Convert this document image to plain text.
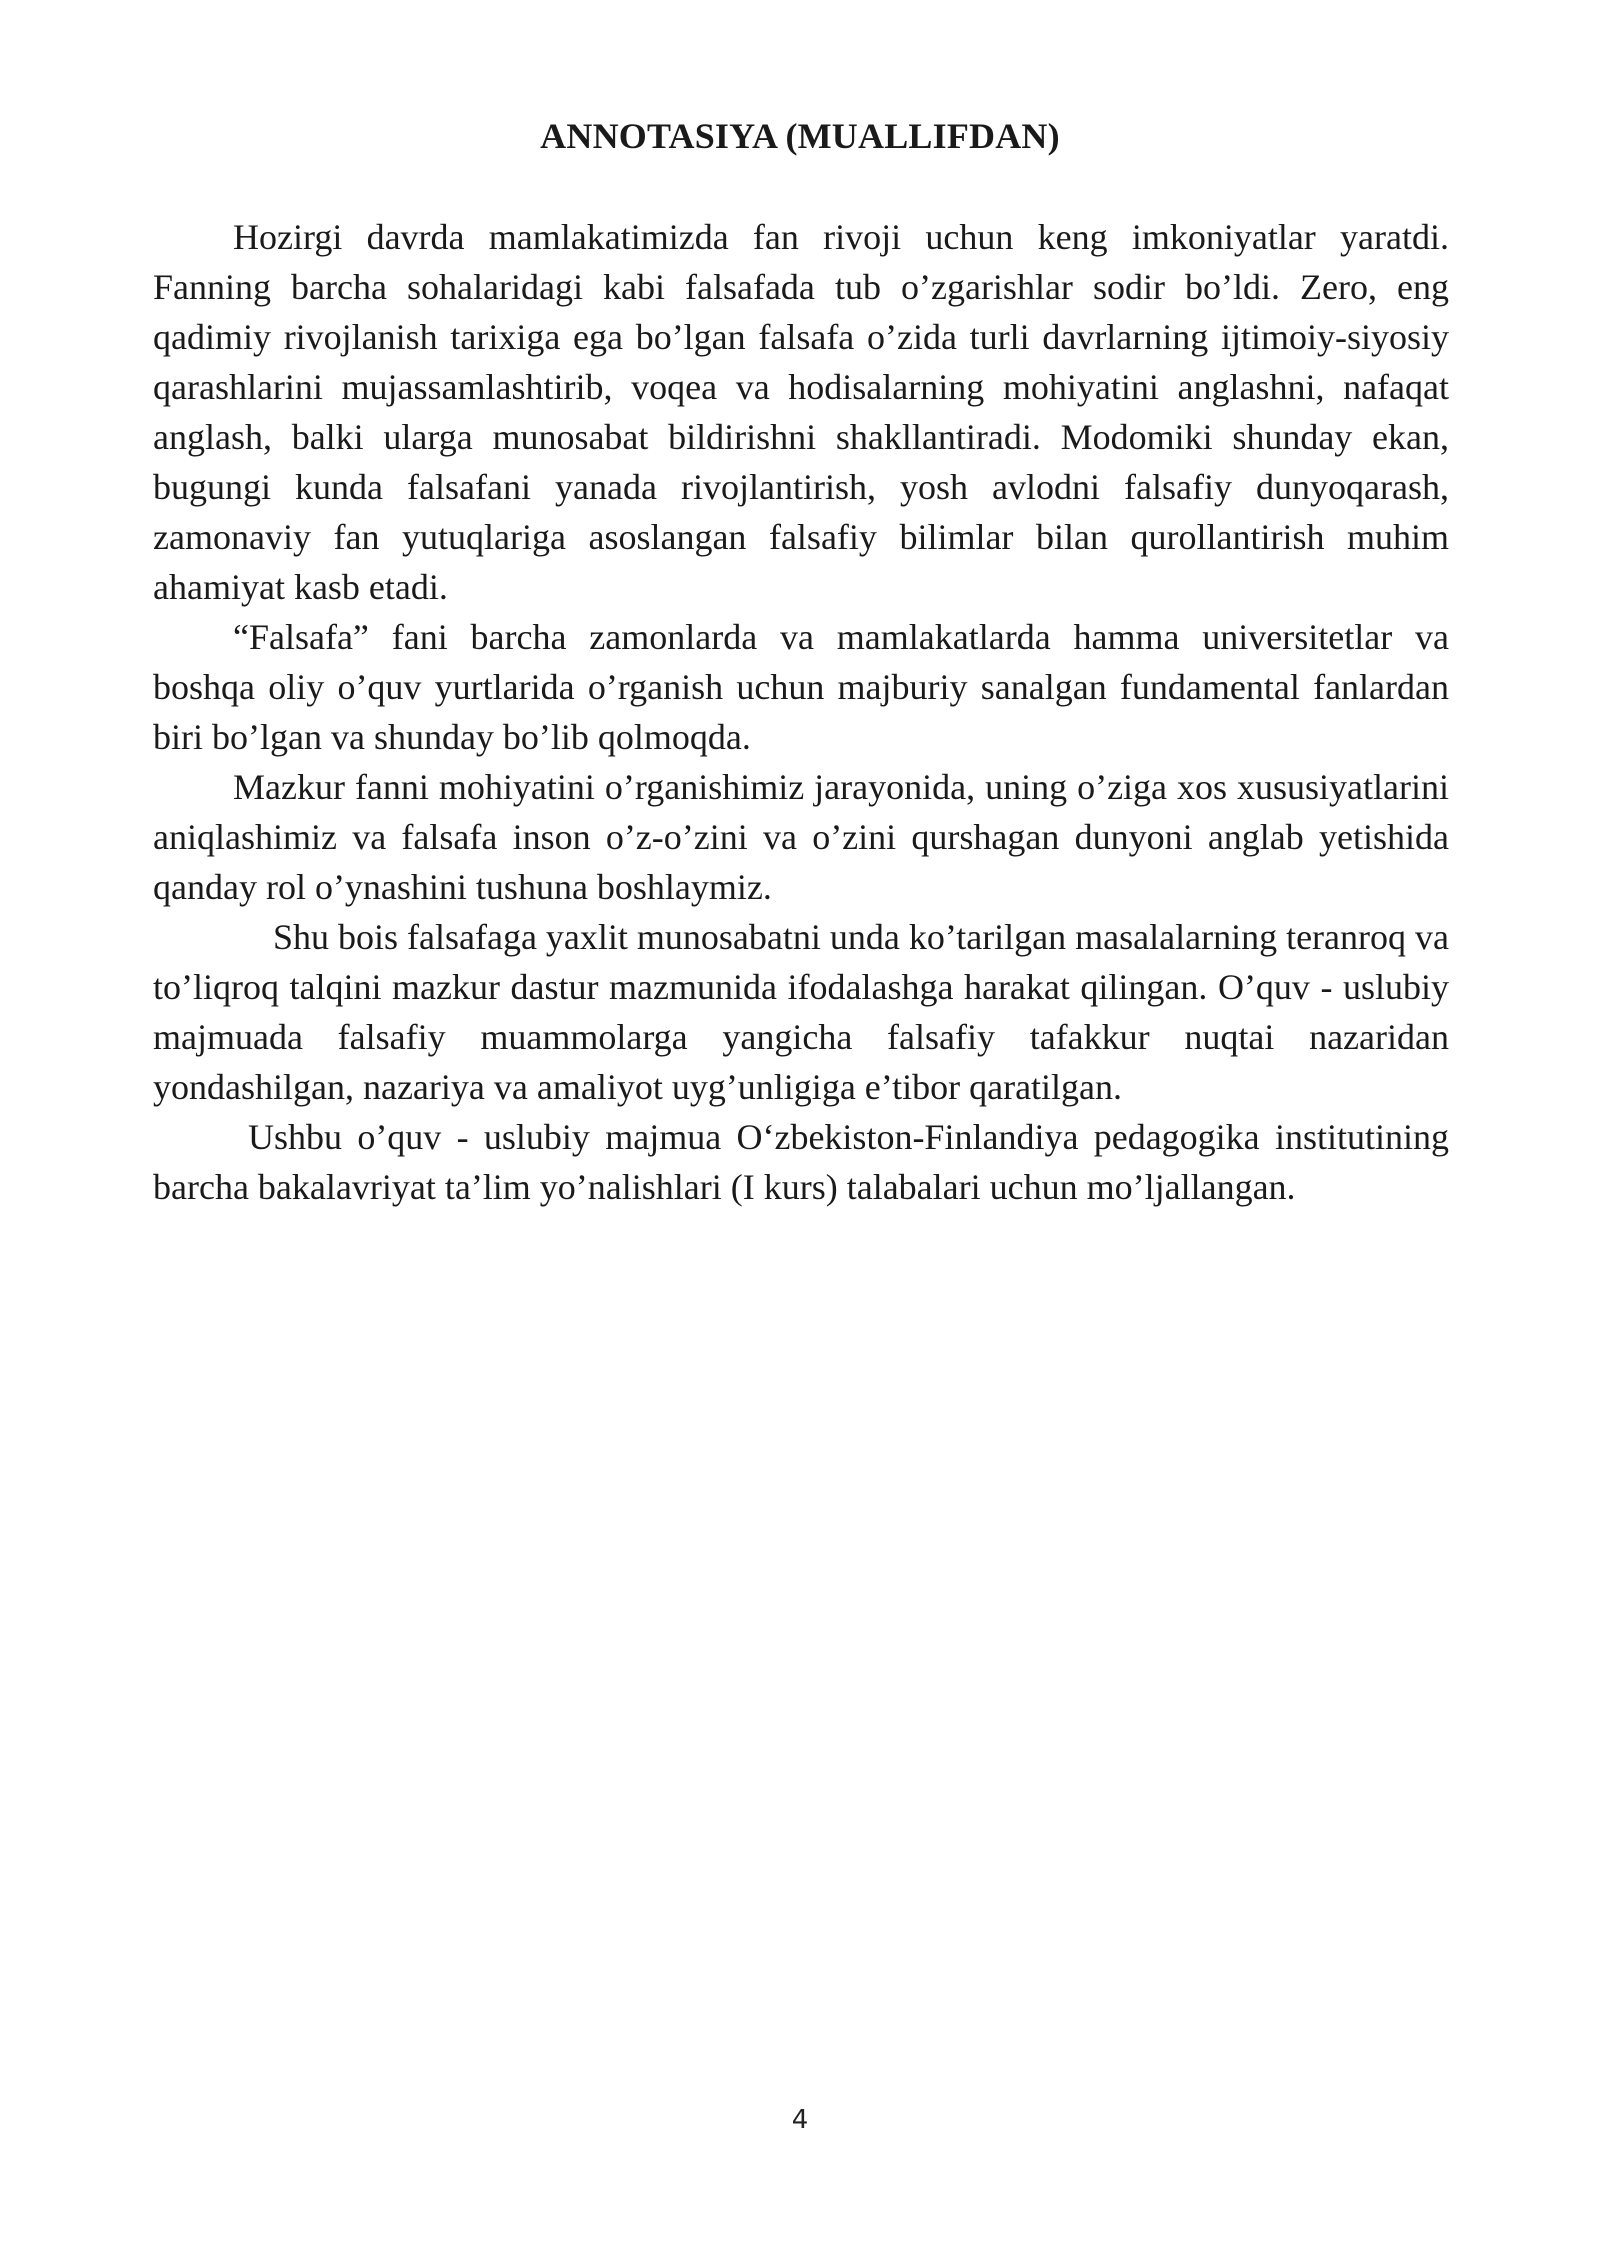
ANNOTASIYA (MUALLIFDAN)

Hozirgi davrda mamlakatimizda fan rivoji uchun keng imkoniyatlar yaratdi. Fanning barcha sohalaridagi kabi falsafada tub o’zgarishlar sodir bo’ldi. Zero, eng qadimiy rivojlanish tarixiga ega bo’lgan falsafa o’zida turli davrlarning ijtimoiy-siyosiy qarashlarini mujassamlashtirib, voqea va hodisalarning mohiyatini anglashni, nafaqat anglash, balki ularga munosabat bildirishni shakllantiradi. Modomiki shunday ekan, bugungi kunda falsafani yanada rivojlantirish, yosh avlodni falsafiy dunyoqarash, zamonaviy fan yutuqlariga asoslangan falsafiy bilimlar bilan qurollantirish muhim ahamiyat kasb etadi.

“Falsafa” fani barcha zamonlarda va mamlakatlarda hamma universitetlar va boshqa oliy o’quv yurtlarida o’rganish uchun majburiy sanalgan fundamental fanlardan biri bo’lgan va shunday bo’lib qolmoqda.

Mazkur fanni mohiyatini o’rganishimiz jarayonida, uning o’ziga xos xususiyatlarini aniqlashimiz va falsafa inson o’z-o’zini va o’zini qurshagan dunyoni anglab yetishida qanday rol o’ynashini tushuna boshlaymiz.

Shu bois falsafaga yaxlit munosabatni unda ko’tarilgan masalalarning teranroq va to’liqroq talqini mazkur dastur mazmunida ifodalashga harakat qilingan. O’quv - uslubiy majmuada falsafiy muammolarga yangicha falsafiy tafakkur nuqtai nazaridan yondashilgan, nazariya va amaliyot uyg’unligiga e’tibor qaratilgan.

Ushbu o’quv - uslubiy majmua O‘zbekiston-Finlandiya pedagogika institutining barcha bakalavriyat ta’lim yo’nalishlari (I kurs) talabalari uchun mo’ljallangan.

4
